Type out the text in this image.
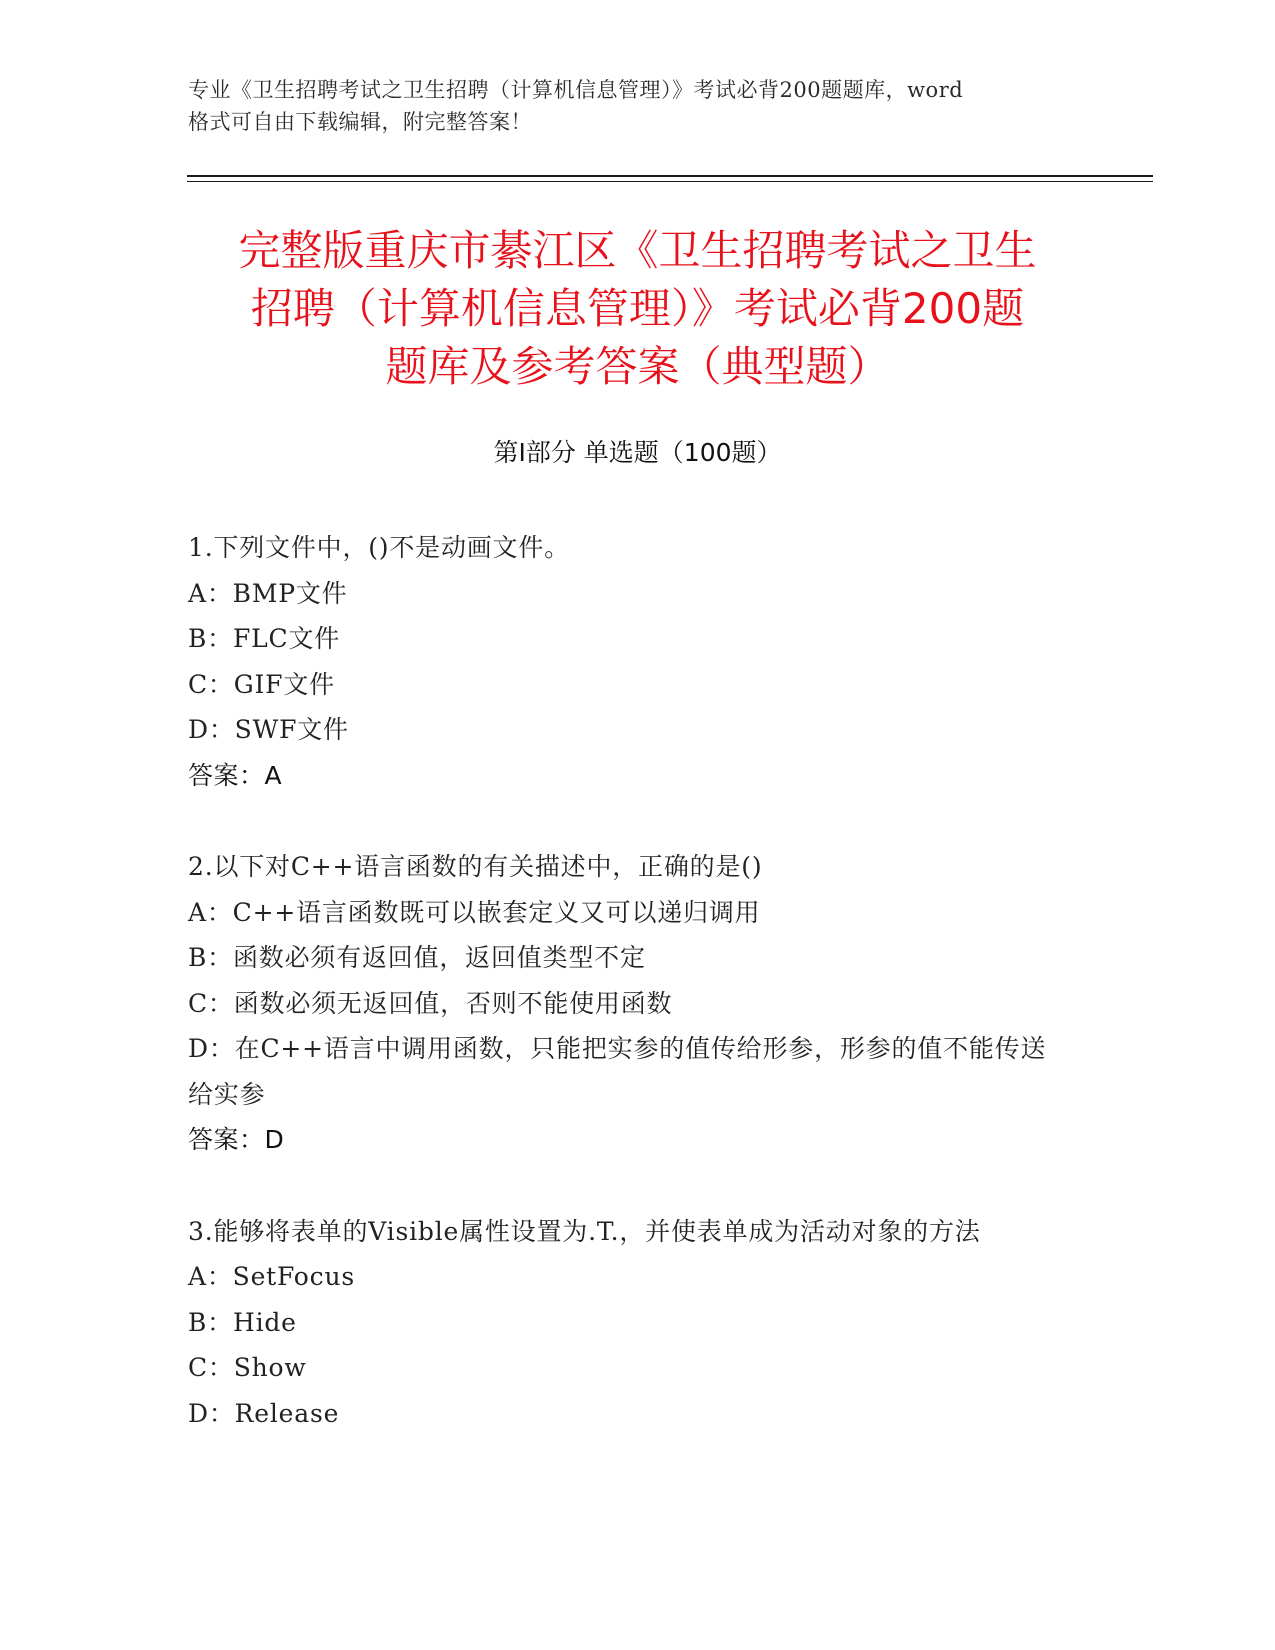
专业《卫生招聘考试之卫生招聘（计算机信息管理）》考试必背200题题库，word
格式可自由下载编辑，附完整答案！
完整版重庆市綦江区《卫生招聘考试之卫生
招聘（计算机信息管理）》考试必背200题
题库及参考答案（典型题）
第Ⅰ部分 单选题（100题）

1.下列文件中，()不是动画文件。

A：BMP文件

B：FLC文件

C：GIF文件

D：SWF文件

答案：A

2.以下对C++语言函数的有关描述中，正确的是()

A：C++语言函数既可以嵌套定义又可以递归调用

B：函数必须有返回值，返回值类型不定

C：函数必须无返回值，否则不能使用函数

D：在C++语言中调用函数，只能把实参的值传给形参，形参的值不能传送给实参

答案：D

3.能够将表单的Visible属性设置为.T.，并使表单成为活动对象的方法

A：SetFocus

B：Hide

C：Show

D：Release
